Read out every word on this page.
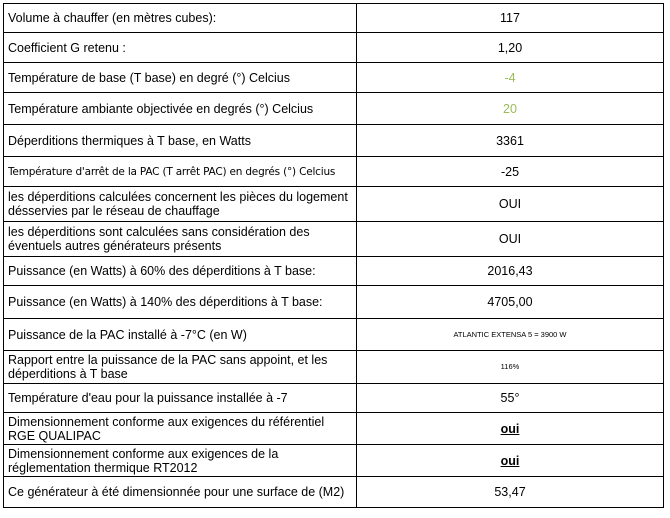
Volume à chauffer (en mètres cubes):	117
Coefficient G retenu :	1,20
Température de base (T base) en degré (°) Celcius	-4
Température ambiante objectivée en degrés (°) Celcius	20
Déperditions thermiques à T base, en Watts	3361
Température d'arrêt de la PAC (T arrêt PAC) en degrés (°) Celcius	-25
les déperditions calculées concernent les pièces du logement désservies par le réseau de chauffage	OUI
les déperditions sont calculées sans considération des éventuels autres générateurs présents	OUI
Puissance (en Watts) à 60% des déperditions à T base:	2016,43
Puissance (en Watts) à 140% des déperditions à T base:	4705,00
Puissance de la PAC installé à -7°C (en W)	ATLANTIC EXTENSA 5 = 3900 W
Rapport entre la puissance de la PAC sans appoint, et les déperditions à T base	116%
Température d'eau pour la puissance installée à -7	55°
Dimensionnement conforme aux exigences du référentiel RGE QUALIPAC	oui
Dimensionnement conforme aux exigences de la réglementation thermique RT2012	oui
Ce générateur à été dimensionnée pour une surface de (M2)	53,47
